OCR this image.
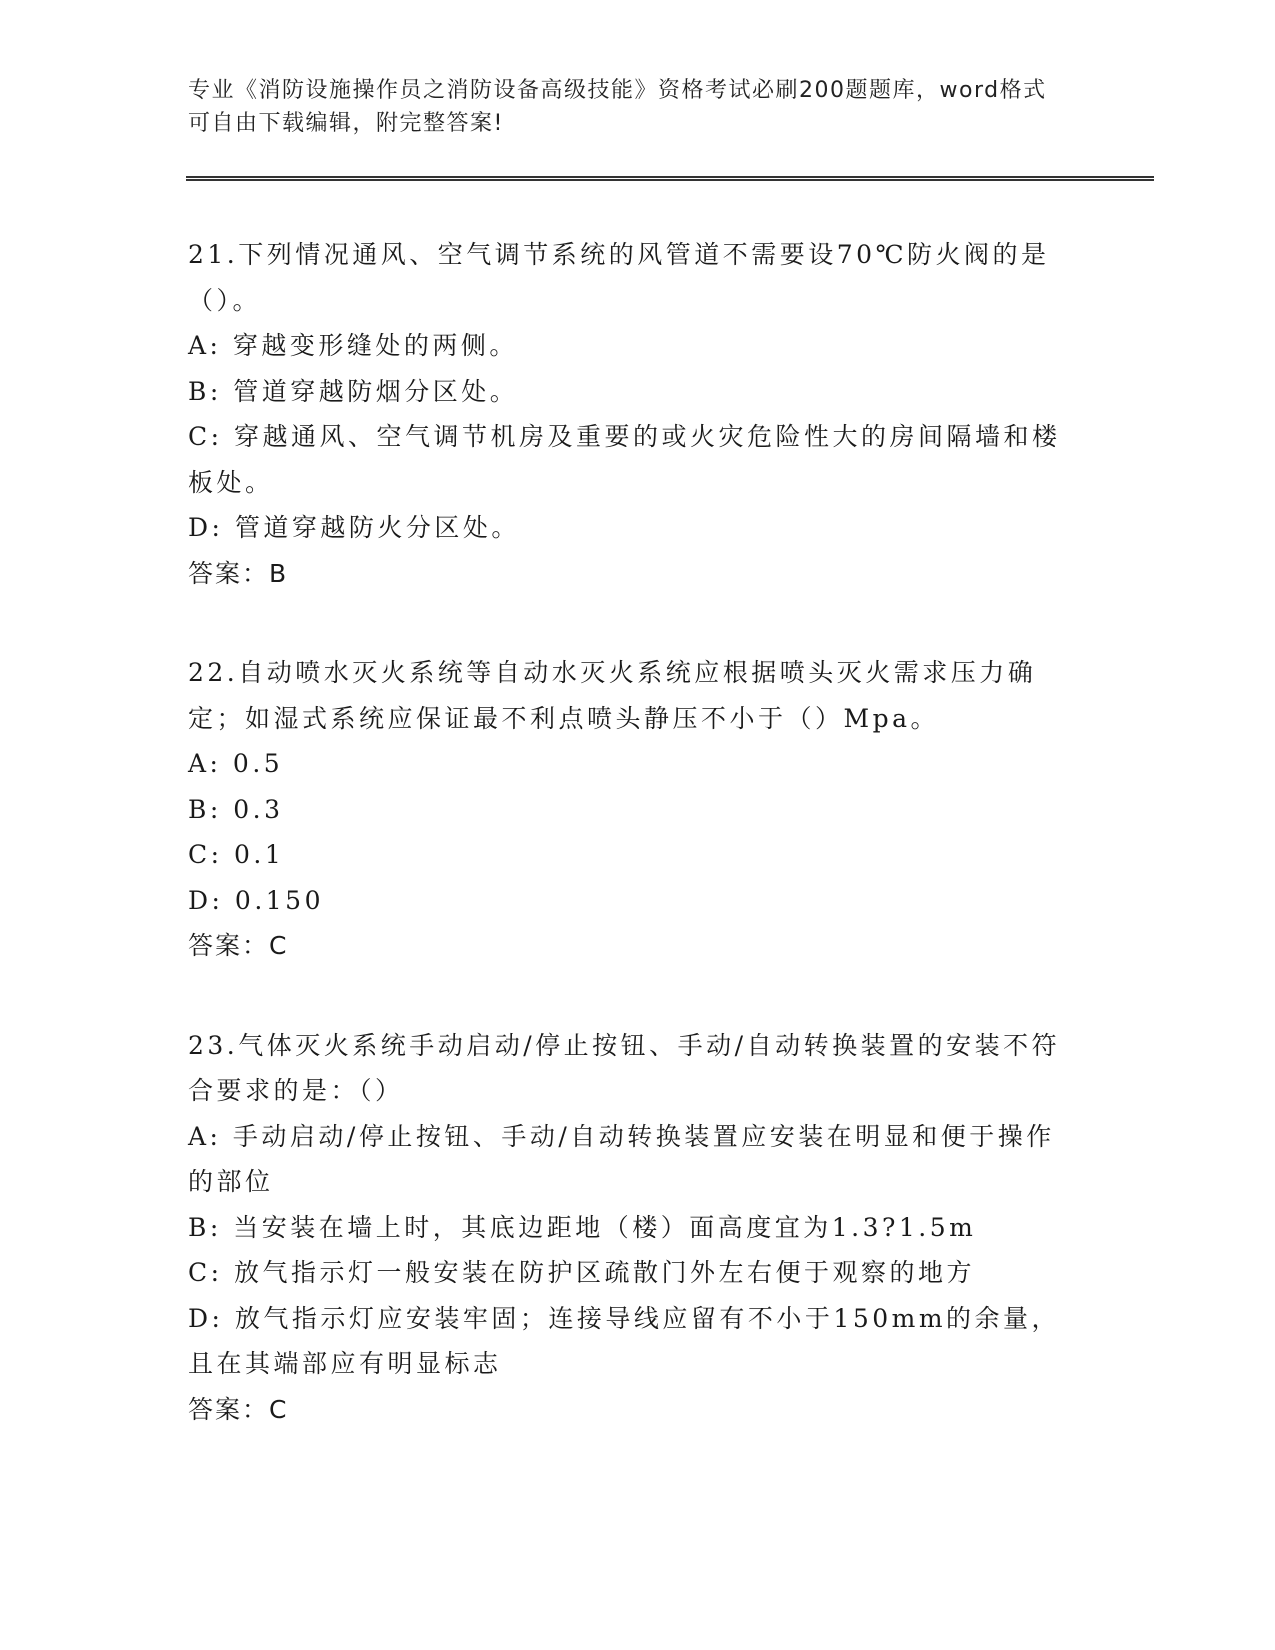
专业《消防设施操作员之消防设备高级技能》资格考试必刷200题题库，word格式可自由下载编辑，附完整答案!

21.下列情况通风、空气调节系统的风管道不需要设70℃防火阀的是（）。

A: 穿越变形缝处的两侧。

B: 管道穿越防烟分区处。

C: 穿越通风、空气调节机房及重要的或火灾危险性大的房间隔墙和楼板处。

D: 管道穿越防火分区处。

答案：B

22.自动喷水灭火系统等自动水灭火系统应根据喷头灭火需求压力确定；如湿式系统应保证最不利点喷头静压不小于（）Mpa。

A: 0.5

B: 0.3

C: 0.1

D: 0.150

答案：C

23.气体灭火系统手动启动/停止按钮、手动/自动转换装置的安装不符合要求的是：（）

A: 手动启动/停止按钮、手动/自动转换装置应安装在明显和便于操作的部位

B: 当安装在墙上时，其底边距地（楼）面高度宜为1.3?1.5m

C: 放气指示灯一般安装在防护区疏散门外左右便于观察的地方

D: 放气指示灯应安装牢固；连接导线应留有不小于150mm的余量，且在其端部应有明显标志

答案：C
